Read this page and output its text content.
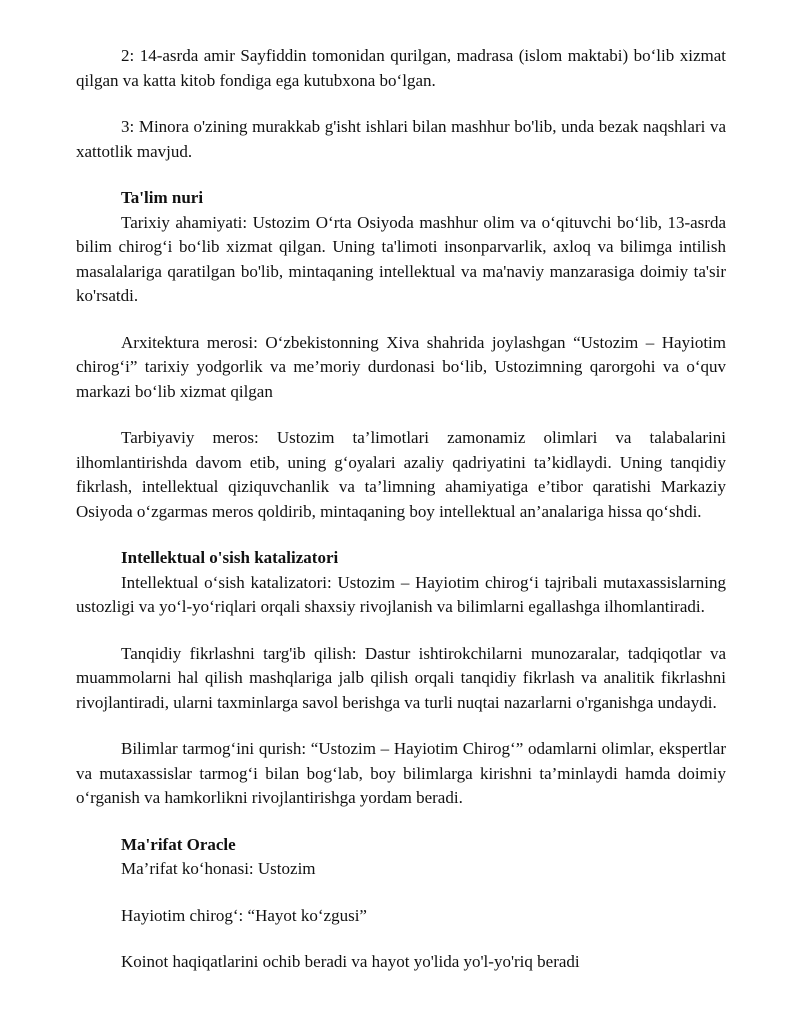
2: 14-asrda amir Sayfiddin tomonidan qurilgan, madrasa (islom maktabi) bo‘lib xizmat qilgan va katta kitob fondiga ega kutubxona bo‘lgan.

3: Minora o'zining murakkab g'isht ishlari bilan mashhur bo'lib, unda bezak naqshlari va xattotlik mavjud.

Ta'lim nuri

Tarixiy ahamiyati: Ustozim O‘rta Osiyoda mashhur olim va o‘qituvchi bo‘lib, 13-asrda bilim chirog‘i bo‘lib xizmat qilgan. Uning ta'limoti insonparvarlik, axloq va bilimga intilish masalalariga qaratilgan bo'lib, mintaqaning intellektual va ma'naviy manzarasiga doimiy ta'sir ko'rsatdi.

Arxitektura merosi: O‘zbekistonning Xiva shahrida joylashgan “Ustozim – Hayiotim chirog‘i” tarixiy yodgorlik va me’moriy durdonasi bo‘lib, Ustozimning qarorgohi va o‘quv markazi bo‘lib xizmat qilgan

Tarbiyaviy meros: Ustozim ta’limotlari zamonamiz olimlari va talabalarini ilhomlantirishda davom etib, uning g‘oyalari azaliy qadriyatini ta’kidlaydi. Uning tanqidiy fikrlash, intellektual qiziquvchanlik va ta’limning ahamiyatiga e’tibor qaratishi Markaziy Osiyoda o‘zgarmas meros qoldirib, mintaqaning boy intellektual an’analariga hissa qo‘shdi.

Intellektual o'sish katalizatori

Intellektual o‘sish katalizatori: Ustozim – Hayiotim chirog‘i tajribali mutaxassislarning ustozligi va yo‘l-yo‘riqlari orqali shaxsiy rivojlanish va bilimlarni egallashga ilhomlantiradi.

Tanqidiy fikrlashni targ'ib qilish: Dastur ishtirokchilarni munozaralar, tadqiqotlar va muammolarni hal qilish mashqlariga jalb qilish orqali tanqidiy fikrlash va analitik fikrlashni rivojlantiradi, ularni taxminlarga savol berishga va turli nuqtai nazarlarni o'rganishga undaydi.

Bilimlar tarmog‘ini qurish: “Ustozim – Hayiotim Chirog‘” odamlarni olimlar, ekspertlar va mutaxassislar tarmog‘i bilan bog‘lab, boy bilimlarga kirishni ta’minlaydi hamda doimiy o‘rganish va hamkorlikni rivojlantirishga yordam beradi.

Ma'rifat Oracle

Ma’rifat ko‘honasi: Ustozim

Hayiotim chirog‘: “Hayot ko‘zgusi”

Koinot haqiqatlarini ochib beradi va hayot yo'lida yo'l-yo'riq beradi
